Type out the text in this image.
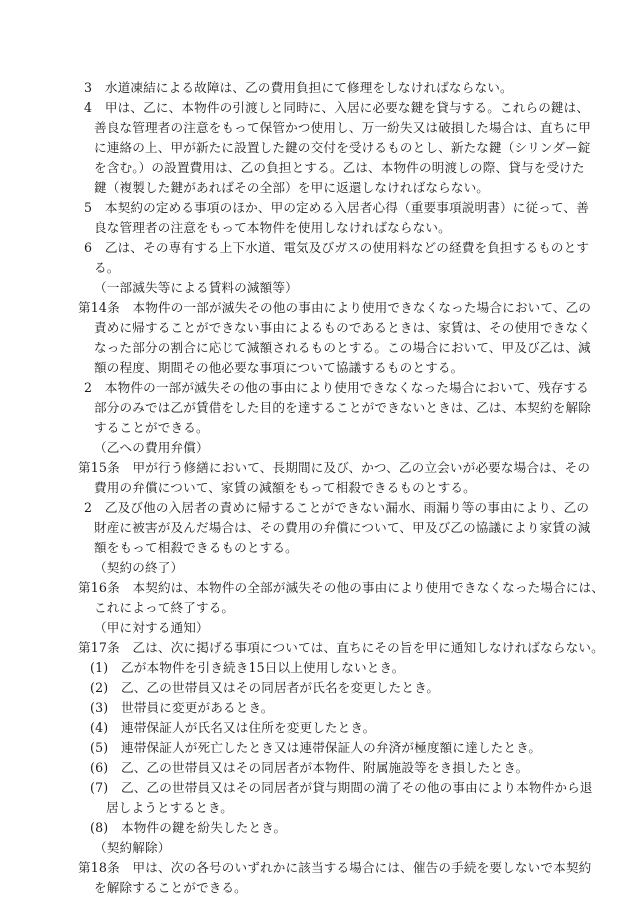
3　水道凍結による故障は、乙の費用負担にて修理をしなければならない。
4　甲は、乙に、本物件の引渡しと同時に、入居に必要な鍵を貸与する。これらの鍵は、
善良な管理者の注意をもって保管かつ使用し、万一紛失又は破損した場合は、直ちに甲
に連絡の上、甲が新たに設置した鍵の交付を受けるものとし、新たな鍵（シリンダー錠
を含む。）の設置費用は、乙の負担とする。乙は、本物件の明渡しの際、貸与を受けた
鍵（複製した鍵があればその全部）を甲に返還しなければならない。
5　本契約の定める事項のほか、甲の定める入居者心得（重要事項説明書）に従って、善
良な管理者の注意をもって本物件を使用しなければならない。
6　乙は、その専有する上下水道、電気及びガスの使用料などの経費を負担するものとす
る。
（一部滅失等による賃料の減額等）
第14条　本物件の一部が滅失その他の事由により使用できなくなった場合において、乙の
責めに帰することができない事由によるものであるときは、家賃は、その使用できなく
なった部分の割合に応じて減額されるものとする。この場合において、甲及び乙は、減
額の程度、期間その他必要な事項について協議するものとする。
2　本物件の一部が滅失その他の事由により使用できなくなった場合において、残存する
部分のみでは乙が賃借をした目的を達することができないときは、乙は、本契約を解除
することができる。
（乙への費用弁償）
第15条　甲が行う修繕において、長期間に及び、かつ、乙の立会いが必要な場合は、その
費用の弁償について、家賃の減額をもって相殺できるものとする。
2　乙及び他の入居者の責めに帰することができない漏水、雨漏り等の事由により、乙の
財産に被害が及んだ場合は、その費用の弁償について、甲及び乙の協議により家賃の減
額をもって相殺できるものとする。
（契約の終了）
第16条　本契約は、本物件の全部が滅失その他の事由により使用できなくなった場合には、
これによって終了する。
（甲に対する通知）
第17条　乙は、次に掲げる事項については、直ちにその旨を甲に通知しなければならない。
(1)　乙が本物件を引き続き15日以上使用しないとき。
(2)　乙、乙の世帯員又はその同居者が氏名を変更したとき。
(3)　世帯員に変更があるとき。
(4)　連帯保証人が氏名又は住所を変更したとき。
(5)　連帯保証人が死亡したとき又は連帯保証人の弁済が極度額に達したとき。
(6)　乙、乙の世帯員又はその同居者が本物件、附属施設等をき損したとき。
(7)　乙、乙の世帯員又はその同居者が貸与期間の満了その他の事由により本物件から退
居しようとするとき。
(8)　本物件の鍵を紛失したとき。
（契約解除）
第18条　甲は、次の各号のいずれかに該当する場合には、催告の手続を要しないで本契約
を解除することができる。
